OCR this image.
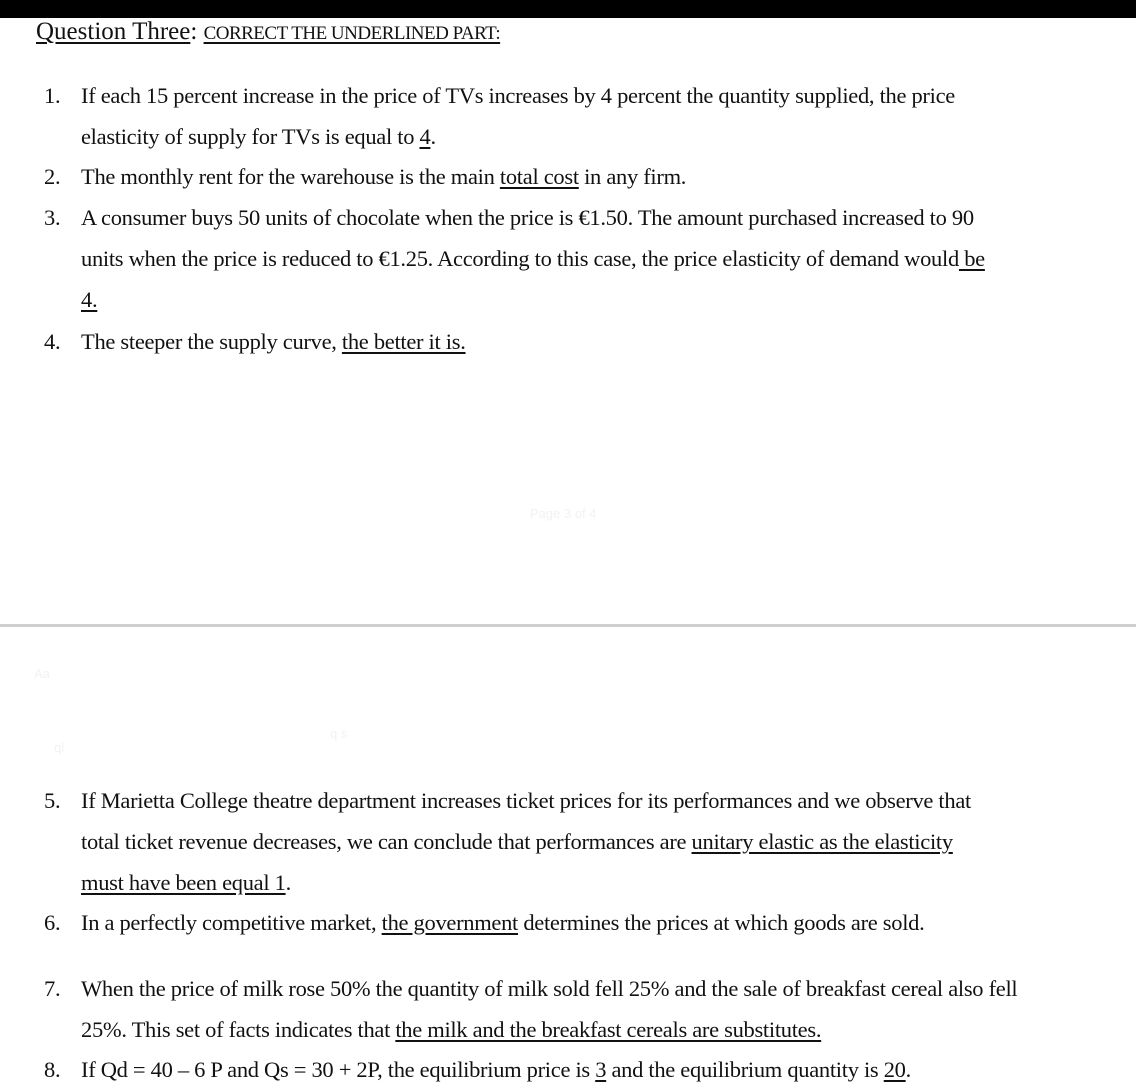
Question Three: CORRECT THE UNDERLINED PART:
1. If each 15 percent increase in the price of TVs increases by 4 percent the quantity supplied, the price
elasticity of supply for TVs is equal to 4.
2. The monthly rent for the warehouse is the main total cost in any firm.
3. A consumer buys 50 units of chocolate when the price is €1.50. The amount purchased increased to 90
units when the price is reduced to €1.25. According to this case, the price elasticity of demand would be
4.
4. The steeper the supply curve, the better it is.
Page 3 of 4
Aa
ql
q s
5. If Marietta College theatre department increases ticket prices for its performances and we observe that
total ticket revenue decreases, we can conclude that performances are unitary elastic as the elasticity
must have been equal 1.
6. In a perfectly competitive market, the government determines the prices at which goods are sold.
7. When the price of milk rose 50% the quantity of milk sold fell 25% and the sale of breakfast cereal also fell
25%. This set of facts indicates that the milk and the breakfast cereals are substitutes.
8. If Qd = 40 – 6 P and Qs = 30 + 2P, the equilibrium price is 3 and the equilibrium quantity is 20.
